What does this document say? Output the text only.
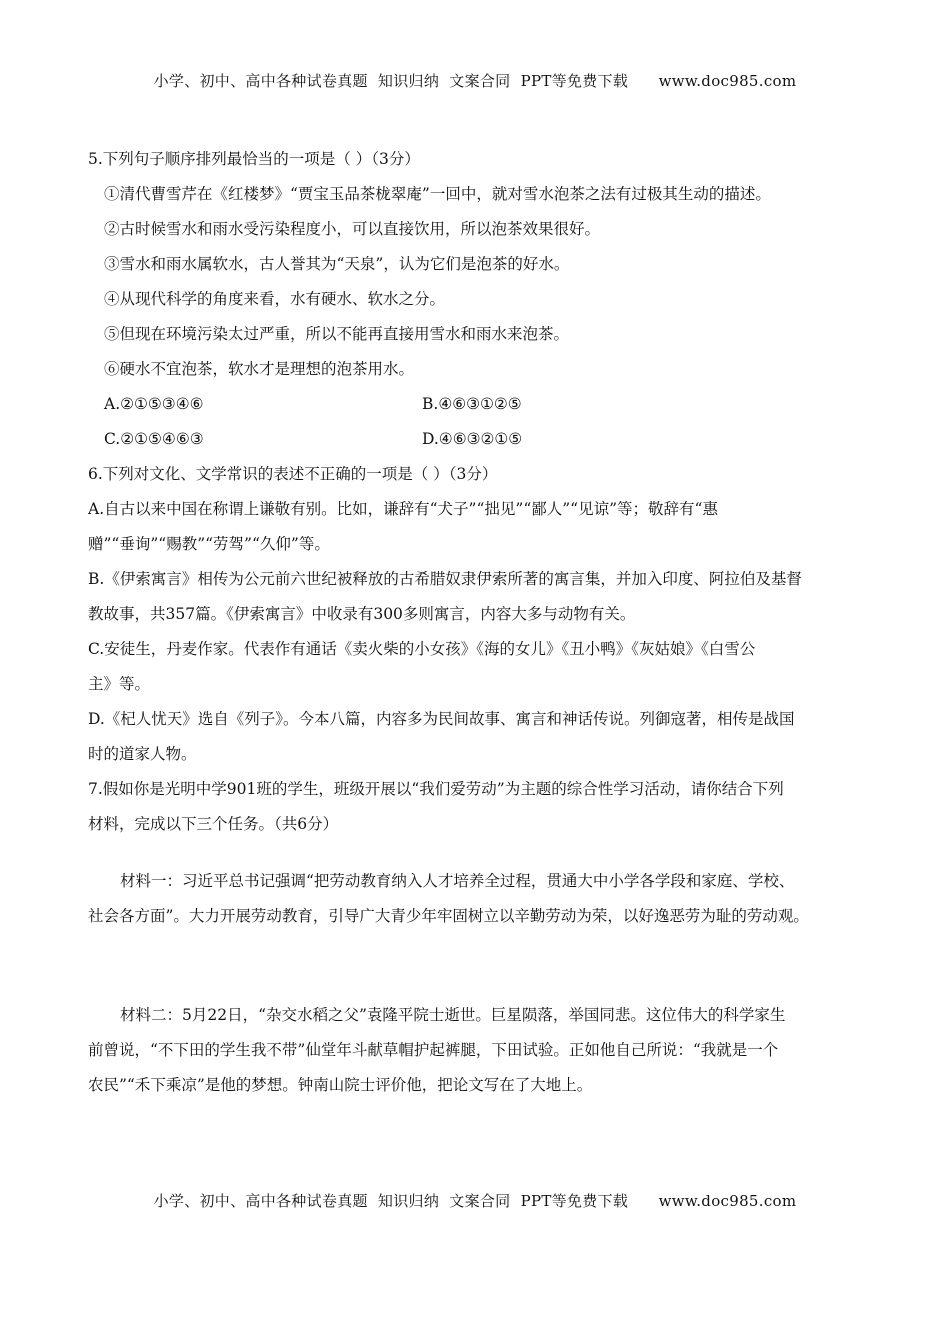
小学、初中、高中各种试卷真题  知识归纳  文案合同  PPT等免费下载      www.doc985.com
5.下列句子顺序排列最恰当的一项是（ ）（3分）
①清代曹雪芹在《红楼梦》“贾宝玉品茶栊翠庵”一回中，就对雪水泡茶之法有过极其生动的描述。
②古时候雪水和雨水受污染程度小，可以直接饮用，所以泡茶效果很好。
③雪水和雨水属软水，古人誉其为“天泉”，认为它们是泡茶的好水。
④从现代科学的角度来看，水有硬水、软水之分。
⑤但现在环境污染太过严重，所以不能再直接用雪水和雨水来泡茶。
⑥硬水不宜泡茶，软水才是理想的泡茶用水。
A.②①⑤③④⑥	B.④⑥③①②⑤
C.②①⑤④⑥③	D.④⑥③②①⑤
6.下列对文化、文学常识的表述不正确的一项是（ ）（3分）
A.自古以来中国在称谓上谦敬有别。比如，谦辞有“犬子”“拙见”“鄙人”“见谅”等；敬辞有“惠
赠”“垂询”“赐教”“劳驾”“久仰”等。
B.《伊索寓言》相传为公元前六世纪被释放的古希腊奴隶伊索所著的寓言集，并加入印度、阿拉伯及基督
教故事，共357篇。《伊索寓言》中收录有300多则寓言，内容大多与动物有关。
C.安徒生，丹麦作家。代表作有通话《卖火柴的小女孩》《海的女儿》《丑小鸭》《灰姑娘》《白雪公
主》等。
D.《杞人忧天》选自《列子》。今本八篇，内容多为民间故事、寓言和神话传说。列御寇著，相传是战国
时的道家人物。
7.假如你是光明中学901班的学生，班级开展以“我们爱劳动”为主题的综合性学习活动，请你结合下列
材料，完成以下三个任务。（共6分）
材料一：习近平总书记强调“把劳动教育纳入人才培养全过程，贯通大中小学各学段和家庭、学校、
社会各方面”。大力开展劳动教育，引导广大青少年牢固树立以辛勤劳动为荣，以好逸恶劳为耻的劳动观。
材料二：5月22日，“杂交水稻之父”袁隆平院士逝世。巨星陨落，举国同悲。这位伟大的科学家生
前曾说，“不下田的学生我不带”仙堂年斗献草帽护起裤腿，下田试验。正如他自己所说：“我就是一个
农民”“禾下乘凉”是他的梦想。钟南山院士评价他，把论文写在了大地上。
小学、初中、高中各种试卷真题  知识归纳  文案合同  PPT等免费下载      www.doc985.com
